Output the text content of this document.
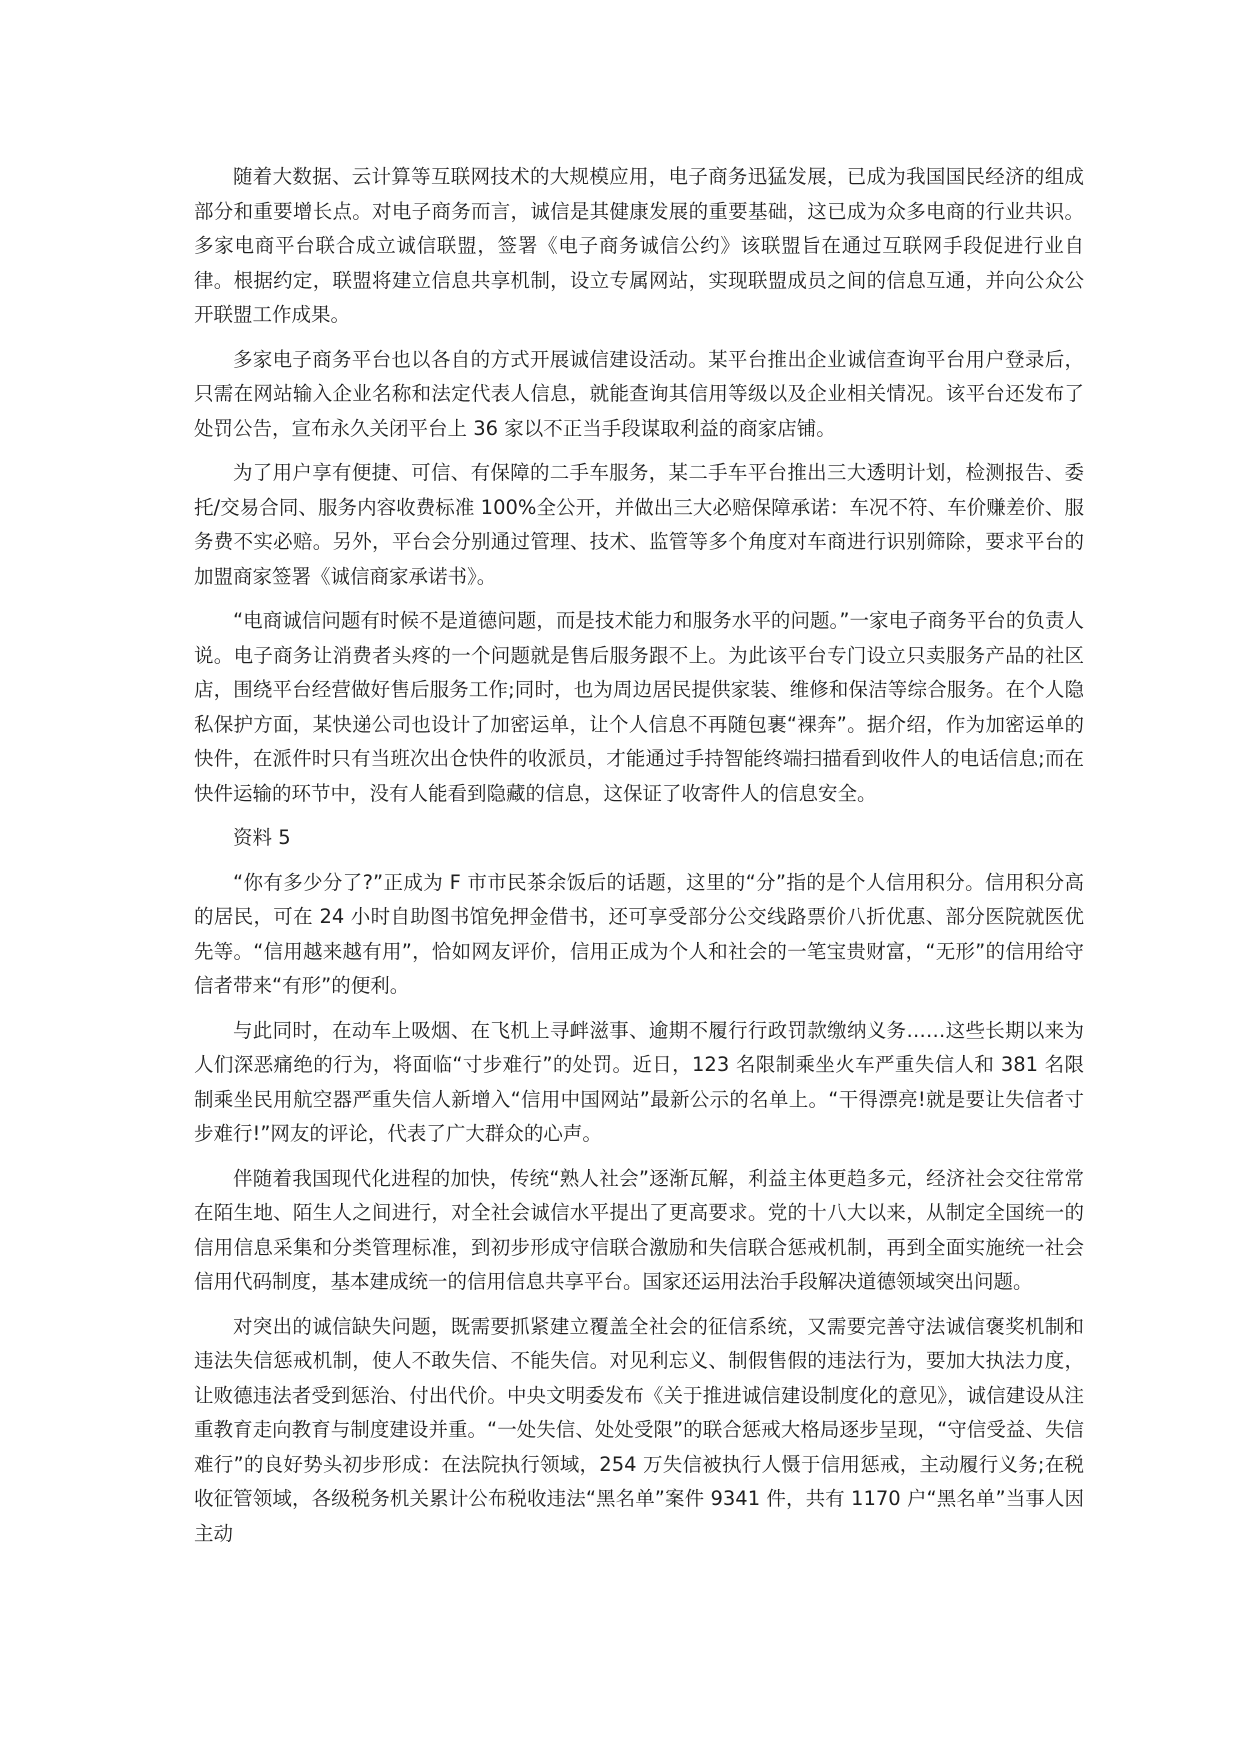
随着大数据、云计算等互联网技术的大规模应用，电子商务迅猛发展，已成为我国国民经济的组成部分和重要增长点。对电子商务而言，诚信是其健康发展的重要基础，这已成为众多电商的行业共识。多家电商平台联合成立诚信联盟，签署《电子商务诚信公约》该联盟旨在通过互联网手段促进行业自律。根据约定，联盟将建立信息共享机制，设立专属网站，实现联盟成员之间的信息互通，并向公众公开联盟工作成果。

多家电子商务平台也以各自的方式开展诚信建设活动。某平台推出企业诚信查询平台用户登录后，只需在网站输入企业名称和法定代表人信息，就能查询其信用等级以及企业相关情况。该平台还发布了处罚公告，宣布永久关闭平台上 36 家以不正当手段谋取利益的商家店铺。

为了用户享有便捷、可信、有保障的二手车服务，某二手车平台推出三大透明计划，检测报告、委托/交易合同、服务内容收费标准 100%全公开，并做出三大必赔保障承诺：车况不符、车价赚差价、服务费不实必赔。另外，平台会分别通过管理、技术、监管等多个角度对车商进行识别筛除，要求平台的加盟商家签署《诚信商家承诺书》。

“电商诚信问题有时候不是道德问题，而是技术能力和服务水平的问题。”一家电子商务平台的负责人说。电子商务让消费者头疼的一个问题就是售后服务跟不上。为此该平台专门设立只卖服务产品的社区店，围绕平台经营做好售后服务工作;同时，也为周边居民提供家装、维修和保洁等综合服务。在个人隐私保护方面，某快递公司也设计了加密运单，让个人信息不再随包裹“裸奔”。据介绍，作为加密运单的快件，在派件时只有当班次出仓快件的收派员，才能通过手持智能终端扫描看到收件人的电话信息;而在快件运输的环节中，没有人能看到隐藏的信息，这保证了收寄件人的信息安全。

资料 5

“你有多少分了?”正成为 F 市市民茶余饭后的话题，这里的“分”指的是个人信用积分。信用积分高的居民，可在 24 小时自助图书馆免押金借书，还可享受部分公交线路票价八折优惠、部分医院就医优先等。“信用越来越有用”，恰如网友评价，信用正成为个人和社会的一笔宝贵财富，“无形”的信用给守信者带来“有形”的便利。

与此同时，在动车上吸烟、在飞机上寻衅滋事、逾期不履行行政罚款缴纳义务……这些长期以来为人们深恶痛绝的行为，将面临“寸步难行”的处罚。近日，123 名限制乘坐火车严重失信人和 381 名限制乘坐民用航空器严重失信人新增入“信用中国网站”最新公示的名单上。“干得漂亮!就是要让失信者寸步难行!”网友的评论，代表了广大群众的心声。

伴随着我国现代化进程的加快，传统“熟人社会”逐渐瓦解，利益主体更趋多元，经济社会交往常常在陌生地、陌生人之间进行，对全社会诚信水平提出了更高要求。党的十八大以来，从制定全国统一的信用信息采集和分类管理标准，到初步形成守信联合激励和失信联合惩戒机制，再到全面实施统一社会信用代码制度，基本建成统一的信用信息共享平台。国家还运用法治手段解决道德领域突出问题。

对突出的诚信缺失问题，既需要抓紧建立覆盖全社会的征信系统，又需要完善守法诚信褒奖机制和违法失信惩戒机制，使人不敢失信、不能失信。对见利忘义、制假售假的违法行为，要加大执法力度，让败德违法者受到惩治、付出代价。中央文明委发布《关于推进诚信建设制度化的意见》，诚信建设从注重教育走向教育与制度建设并重。“一处失信、处处受限”的联合惩戒大格局逐步呈现，“守信受益、失信难行”的良好势头初步形成：在法院执行领域，254 万失信被执行人慑于信用惩戒，主动履行义务;在税收征管领域，各级税务机关累计公布税收违法“黑名单”案件 9341 件，共有 1170 户“黑名单”当事人因主动
